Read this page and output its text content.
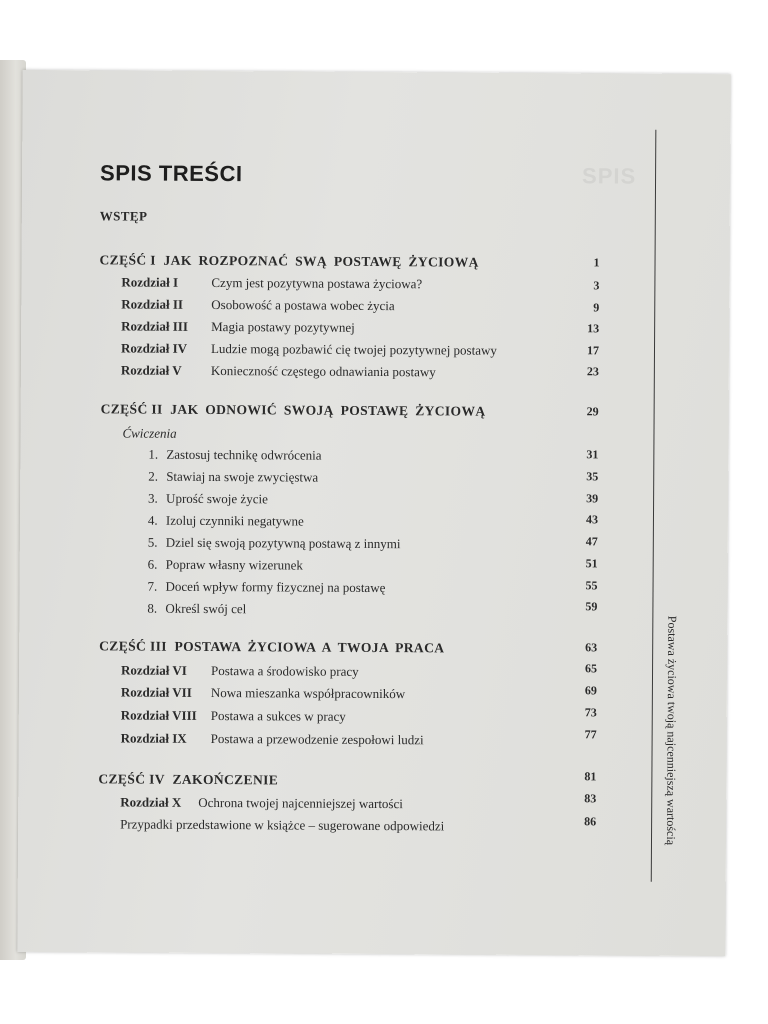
SPIS
SPIS TREŚCI
WSTĘP
CZĘŚĆ I JAK ROZPOZNAĆ SWĄ POSTAWĘ ŻYCIOWĄ	1
Rozdział I	Czym jest pozytywna postawa życiowa?	3
Rozdział II Osobowość a postawa wobec życia	9
Rozdział III Magia postawy pozytywnej	13
Rozdział IV Ludzie mogą pozbawić cię twojej pozytywnej postawy	17
Rozdział V Konieczność częstego odnawiania postawy	23
CZĘŚĆ II JAK ODNOWIĆ SWOJĄ POSTAWĘ ŻYCIOWĄ	29
Ćwiczenia
1. Zastosuj technikę odwrócenia	31
2. Stawiaj na swoje zwycięstwa	35
3. Uprość swoje życie	39
4. Izoluj czynniki negatywne	43
5. Dziel się swoją pozytywną postawą z innymi	47
6. Popraw własny wizerunek	51
7. Doceń wpływ formy fizycznej na postawę	55
8. Określ swój cel	59
CZĘŚĆ III POSTAWA ŻYCIOWA A TWOJA PRACA	63
Rozdział VI Postawa a środowisko pracy	65
Rozdział VII Nowa mieszanka współpracowników	69
Rozdział VIII Postawa a sukces w pracy	73
Rozdział IX Postawa a przewodzenie zespołowi ludzi	77
CZĘŚĆ IV ZAKOŃCZENIE	81
Rozdział X Ochrona twojej najcenniejszej wartości	83
Przypadki przedstawione w książce – sugerowane odpowiedzi	86	Postawa życiowa twoją najcenniejszą wartością
